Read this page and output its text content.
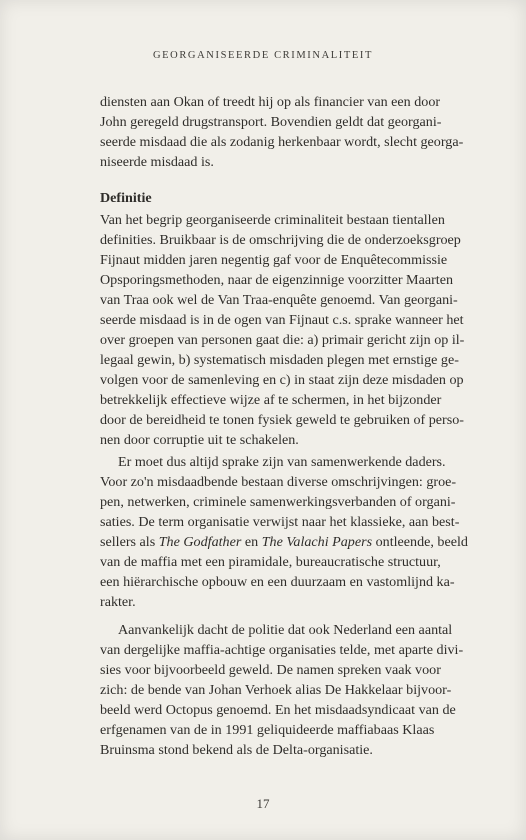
GEORGANISEERDE CRIMINALITEIT
diensten aan Okan of treedt hij op als financier van een door
John geregeld drugstransport. Bovendien geldt dat georgani-
seerde misdaad die als zodanig herkenbaar wordt, slecht georga-
niseerde misdaad is.
Definitie
Van het begrip georganiseerde criminaliteit bestaan tientallen
definities. Bruikbaar is de omschrijving die de onderzoeksgroep
Fijnaut midden jaren negentig gaf voor de Enquêtecommissie
Opsporingsmethoden, naar de eigenzinnige voorzitter Maarten
van Traa ook wel de Van Traa-enquête genoemd. Van georgani-
seerde misdaad is in de ogen van Fijnaut c.s. sprake wanneer het
over groepen van personen gaat die: a) primair gericht zijn op il-
legaal gewin, b) systematisch misdaden plegen met ernstige ge-
volgen voor de samenleving en c) in staat zijn deze misdaden op
betrekkelijk effectieve wijze af te schermen, in het bijzonder
door de bereidheid te tonen fysiek geweld te gebruiken of perso-
nen door corruptie uit te schakelen.
Er moet dus altijd sprake zijn van samenwerkende daders.
Voor zo'n misdaadbende bestaan diverse omschrijvingen: groe-
pen, netwerken, criminele samenwerkingsverbanden of organi-
saties. De term organisatie verwijst naar het klassieke, aan best-
sellers als The Godfather en The Valachi Papers ontleende, beeld
van de maffia met een piramidale, bureaucratische structuur,
een hiërarchische opbouw en een duurzaam en vastomlijnd ka-
rakter.
Aanvankelijk dacht de politie dat ook Nederland een aantal
van dergelijke maffia-achtige organisaties telde, met aparte divi-
sies voor bijvoorbeeld geweld. De namen spreken vaak voor
zich: de bende van Johan Verhoek alias De Hakkelaar bijvoor-
beeld werd Octopus genoemd. En het misdaadsyndicaat van de
erfgenamen van de in 1991 geliquideerde maffiabaas Klaas
Bruinsma stond bekend als de Delta-organisatie.
17
